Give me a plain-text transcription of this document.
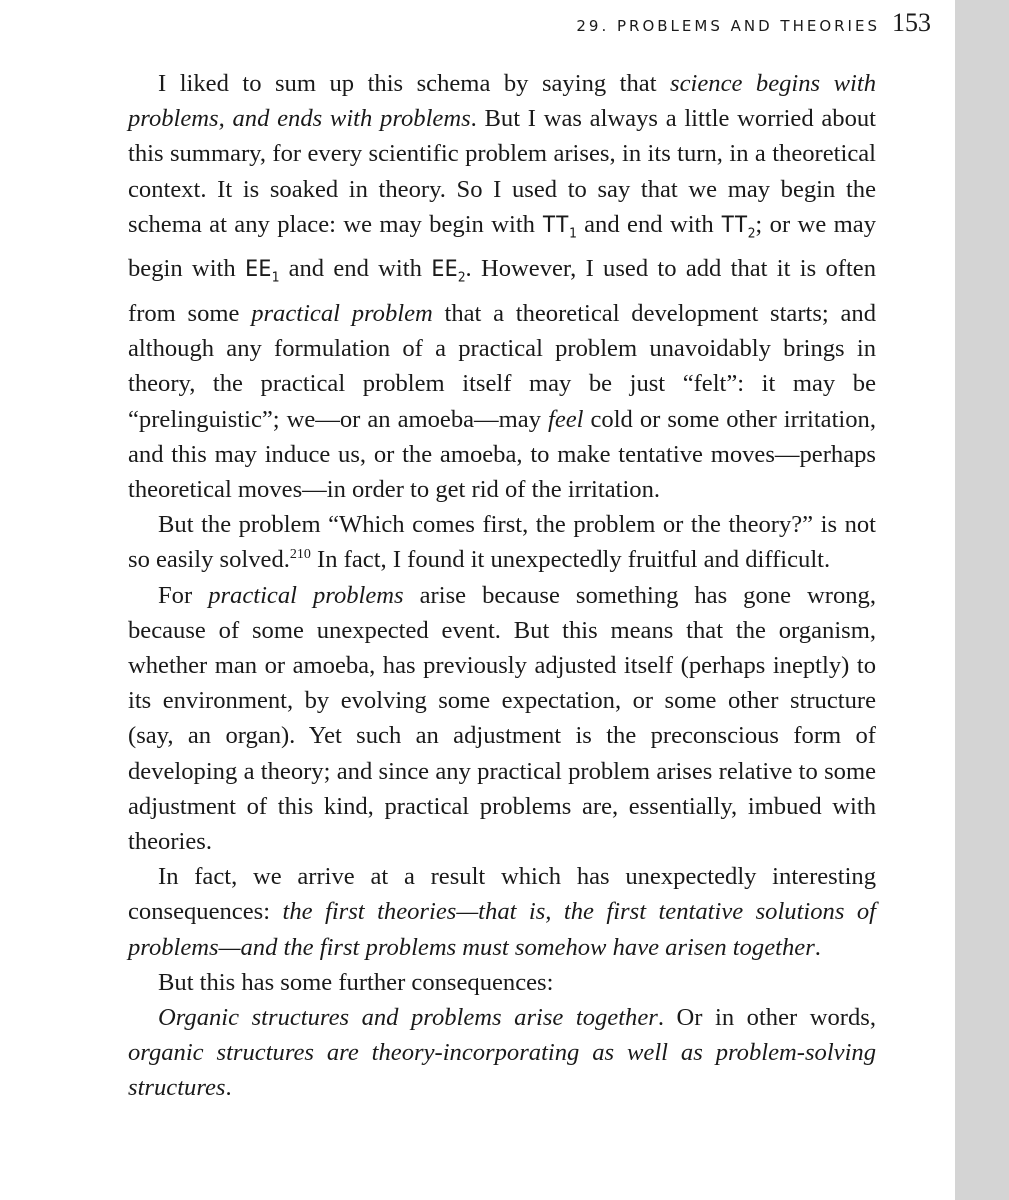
29. PROBLEMS AND THEORIES 153

I liked to sum up this schema by saying that science begins with problems, and ends with problems. But I was always a little worried about this summary, for every scientific problem arises, in its turn, in a theoretical context. It is soaked in theory. So I used to say that we may begin the schema at any place: we may begin with $TT_1$ and end with $TT_2$; or we may begin with $EE_1$ and end with $EE_2$. However, I used to add that it is often from some practical problem that a theoretical development starts; and although any formulation of a practical problem unavoidably brings in theory, the practical problem itself may be just “felt”: it may be “prelinguistic”; we—or an amoeba—may feel cold or some other irritation, and this may induce us, or the amoeba, to make tentative moves—perhaps theoretical moves—in order to get rid of the irritation.

But the problem “Which comes first, the problem or the theory?” is not so easily solved.$^{210}$ In fact, I found it unexpectedly fruitful and difficult.

For practical problems arise because something has gone wrong, because of some unexpected event. But this means that the organism, whether man or amoeba, has previously adjusted itself (perhaps ineptly) to its environment, by evolving some expectation, or some other structure (say, an organ). Yet such an adjustment is the preconscious form of developing a theory; and since any practical problem arises relative to some adjustment of this kind, practical problems are, essentially, imbued with theories.

In fact, we arrive at a result which has unexpectedly interesting consequences: the first theories—that is, the first tentative solutions of problems—and the first problems must somehow have arisen together.

But this has some further consequences:

Organic structures and problems arise together. Or in other words, organic structures are theory-incorporating as well as problem-solving structures.
